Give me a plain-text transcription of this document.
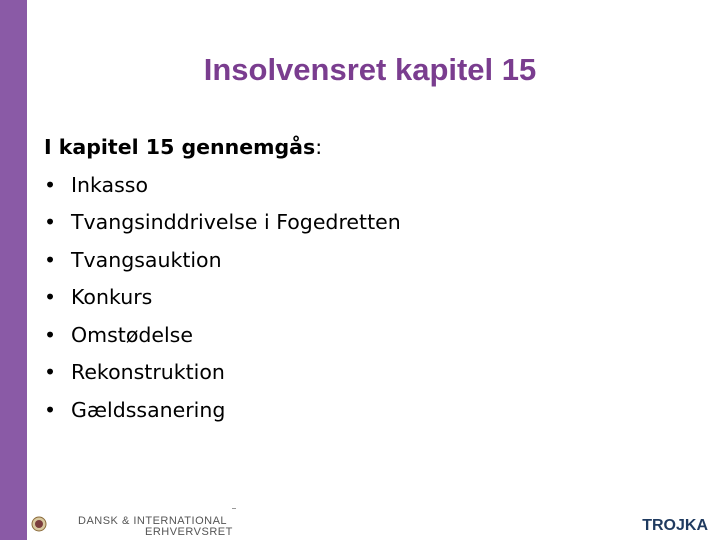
Insolvensret kapitel 15
I kapitel 15 gennemgås:
• Inkasso
• Tvangsinddrivelse i Fogedretten
• Tvangsauktion
• Konkurs
• Omstødelse
• Rekonstruktion
• Gældssanering
DANSK & INTERNATIONAL
ERHVERVSRET	TROJKA
